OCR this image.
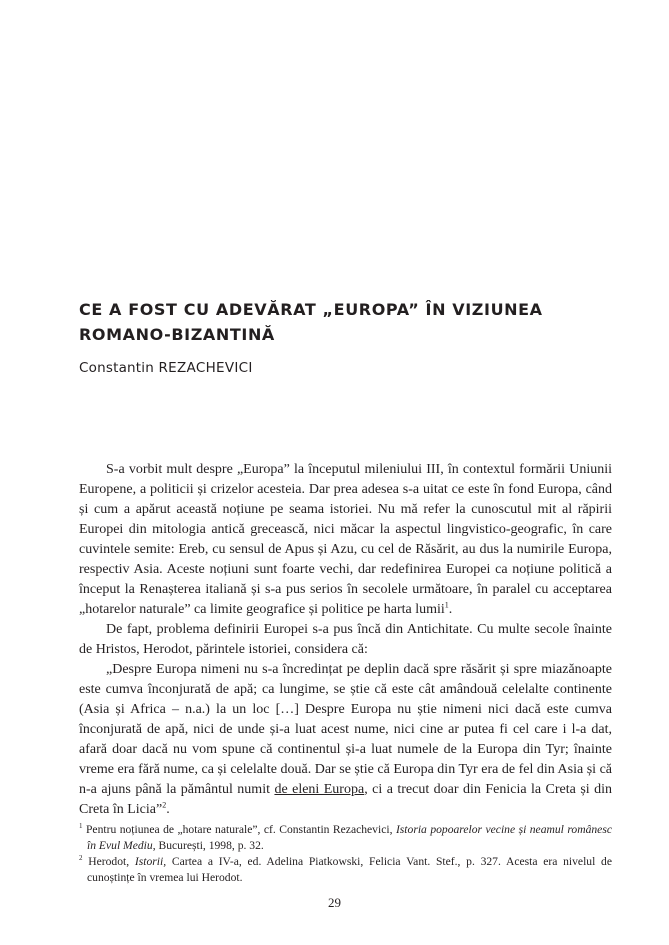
CE A FOST CU ADEVĂRAT „EUROPA” ÎN VIZIUNEA
ROMANO-BIZANTINĂ
Constantin REZACHEVICI

S-a vorbit mult despre „Europa” la începutul mileniului III, în contextul formării Uniunii Europene, a politicii și crizelor acesteia. Dar prea adesea s-a uitat ce este în fond Europa, când și cum a apărut această noțiune pe seama istoriei. Nu mă refer la cunoscutul mit al răpirii Europei din mitologia antică grecească, nici măcar la aspectul lingvistico-geografic, în care cuvintele semite: Ereb, cu sensul de Apus și Azu, cu cel de Răsărit, au dus la numirile Europa, respectiv Asia. Aceste noțiuni sunt foarte vechi, dar redefinirea Europei ca noțiune politică a început la Renașterea italiană și s-a pus serios în secolele următoare, în paralel cu acceptarea „hotarelor naturale” ca limite geografice și politice pe harta lumii$^1$.

De fapt, problema definirii Europei s-a pus încă din Antichitate. Cu multe secole înainte de Hristos, Herodot, părintele istoriei, considera că:

„Despre Europa nimeni nu s-a încredințat pe deplin dacă spre răsărit și spre miazănoapte este cumva înconjurată de apă; ca lungime, se știe că este cât amândouă celelalte continente (Asia și Africa – n.a.) la un loc […] Despre Europa nu știe nimeni nici dacă este cumva înconjurată de apă, nici de unde și-a luat acest nume, nici cine ar putea fi cel care i l-a dat, afară doar dacă nu vom spune că continentul și-a luat numele de la Europa din Tyr; înainte vreme era fără nume, ca și celelalte două. Dar se știe că Europa din Tyr era de fel din Asia și că n-a ajuns până la pământul numit de eleni Europa, ci a trecut doar din Fenicia la Creta și din Creta în Licia”$^2$.

$^1$ Pentru noțiunea de „hotare naturale”, cf. Constantin Rezachevici, Istoria popoarelor vecine și neamul românesc în Evul Mediu, București, 1998, p. 32.

$^2$ Herodot, Istorii, Cartea a IV-a, ed. Adelina Piatkowski, Felicia Vant. Stef., p. 327. Acesta era nivelul de cunoștințe în vremea lui Herodot.

29
